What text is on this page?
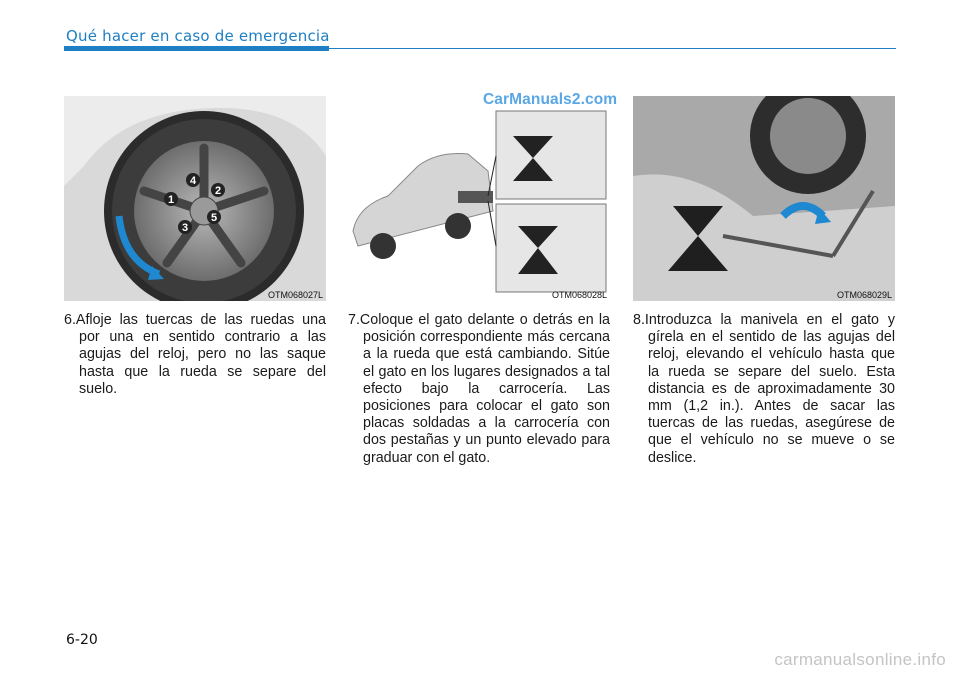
Qué hacer en caso de emergencia
1
2
3
4
5
OTM068027L	OTM068028L	OTM068029L
CarManuals2.com
6.Afloje las tuercas de las ruedas una por una en sentido contrario a las agujas del reloj, pero no las saque hasta que la rueda se separe del suelo.
7.Coloque el gato delante o detrás en la posición correspondiente más cercana a la rueda que está cambiando. Sitúe el gato en los lugares designados a tal efecto bajo la carrocería. Las posiciones para colocar el gato son placas soldadas a la carrocería con dos pestañas y un punto elevado para graduar con el gato.
8.Introduzca la manivela en el gato y gírela en el sentido de las agujas del reloj, elevando el vehículo hasta que la rueda se separe del suelo. Esta distancia es de aproximadamente 30 mm (1,2 in.). Antes de sacar las tuercas de las ruedas, asegúrese de que el vehículo no se mueve o se deslice.
6-20
carmanualsonline.info
